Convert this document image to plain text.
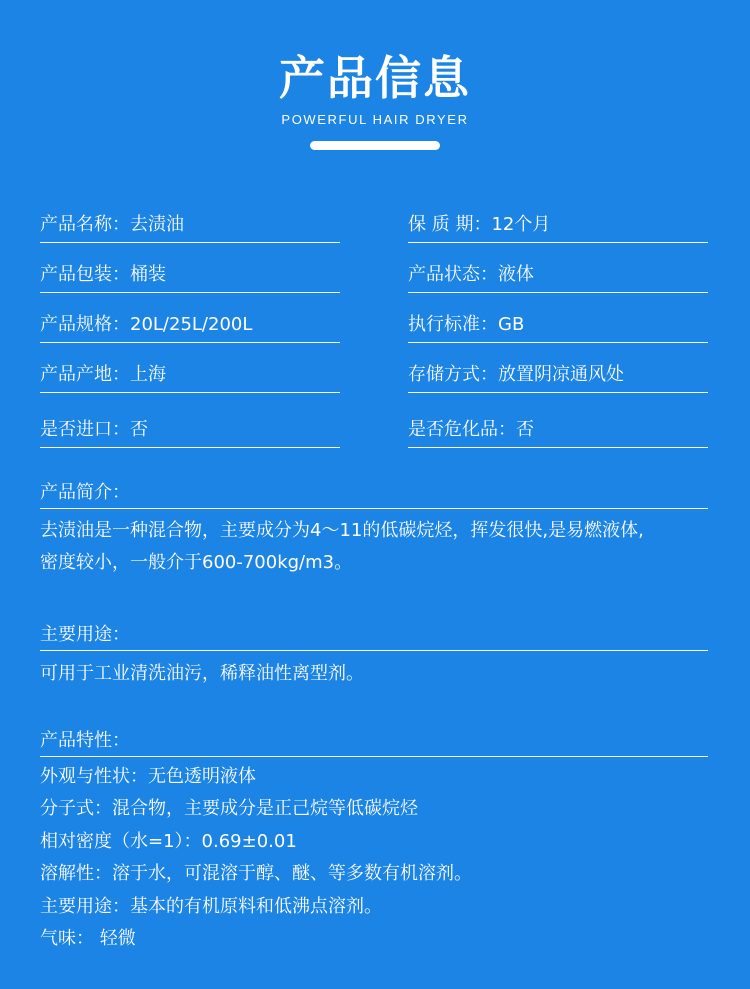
产品信息
POWERFUL HAIR DRYER
产品名称：去渍油	保 质 期：12个月
产品包装：桶装	产品状态：液体
产品规格：20L/25L/200L	执行标准：GB
产品产地：上海	存储方式：放置阴凉通风处
是否进口：否	是否危化品：否
产品简介：
去渍油是一种混合物，主要成分为4～11的低碳烷烃，挥发很快,是易燃液体,
密度较小，一般介于600-700kg/m3。
主要用途：
可用于工业清洗油污，稀释油性离型剂。
产品特性：
外观与性状：无色透明液体
分子式：混合物，主要成分是正己烷等低碳烷烃
相对密度（水=1）：0.69±0.01
溶解性：溶于水，可混溶于醇、醚、等多数有机溶剂。
主要用途：基本的有机原料和低沸点溶剂。
气味： 轻微
